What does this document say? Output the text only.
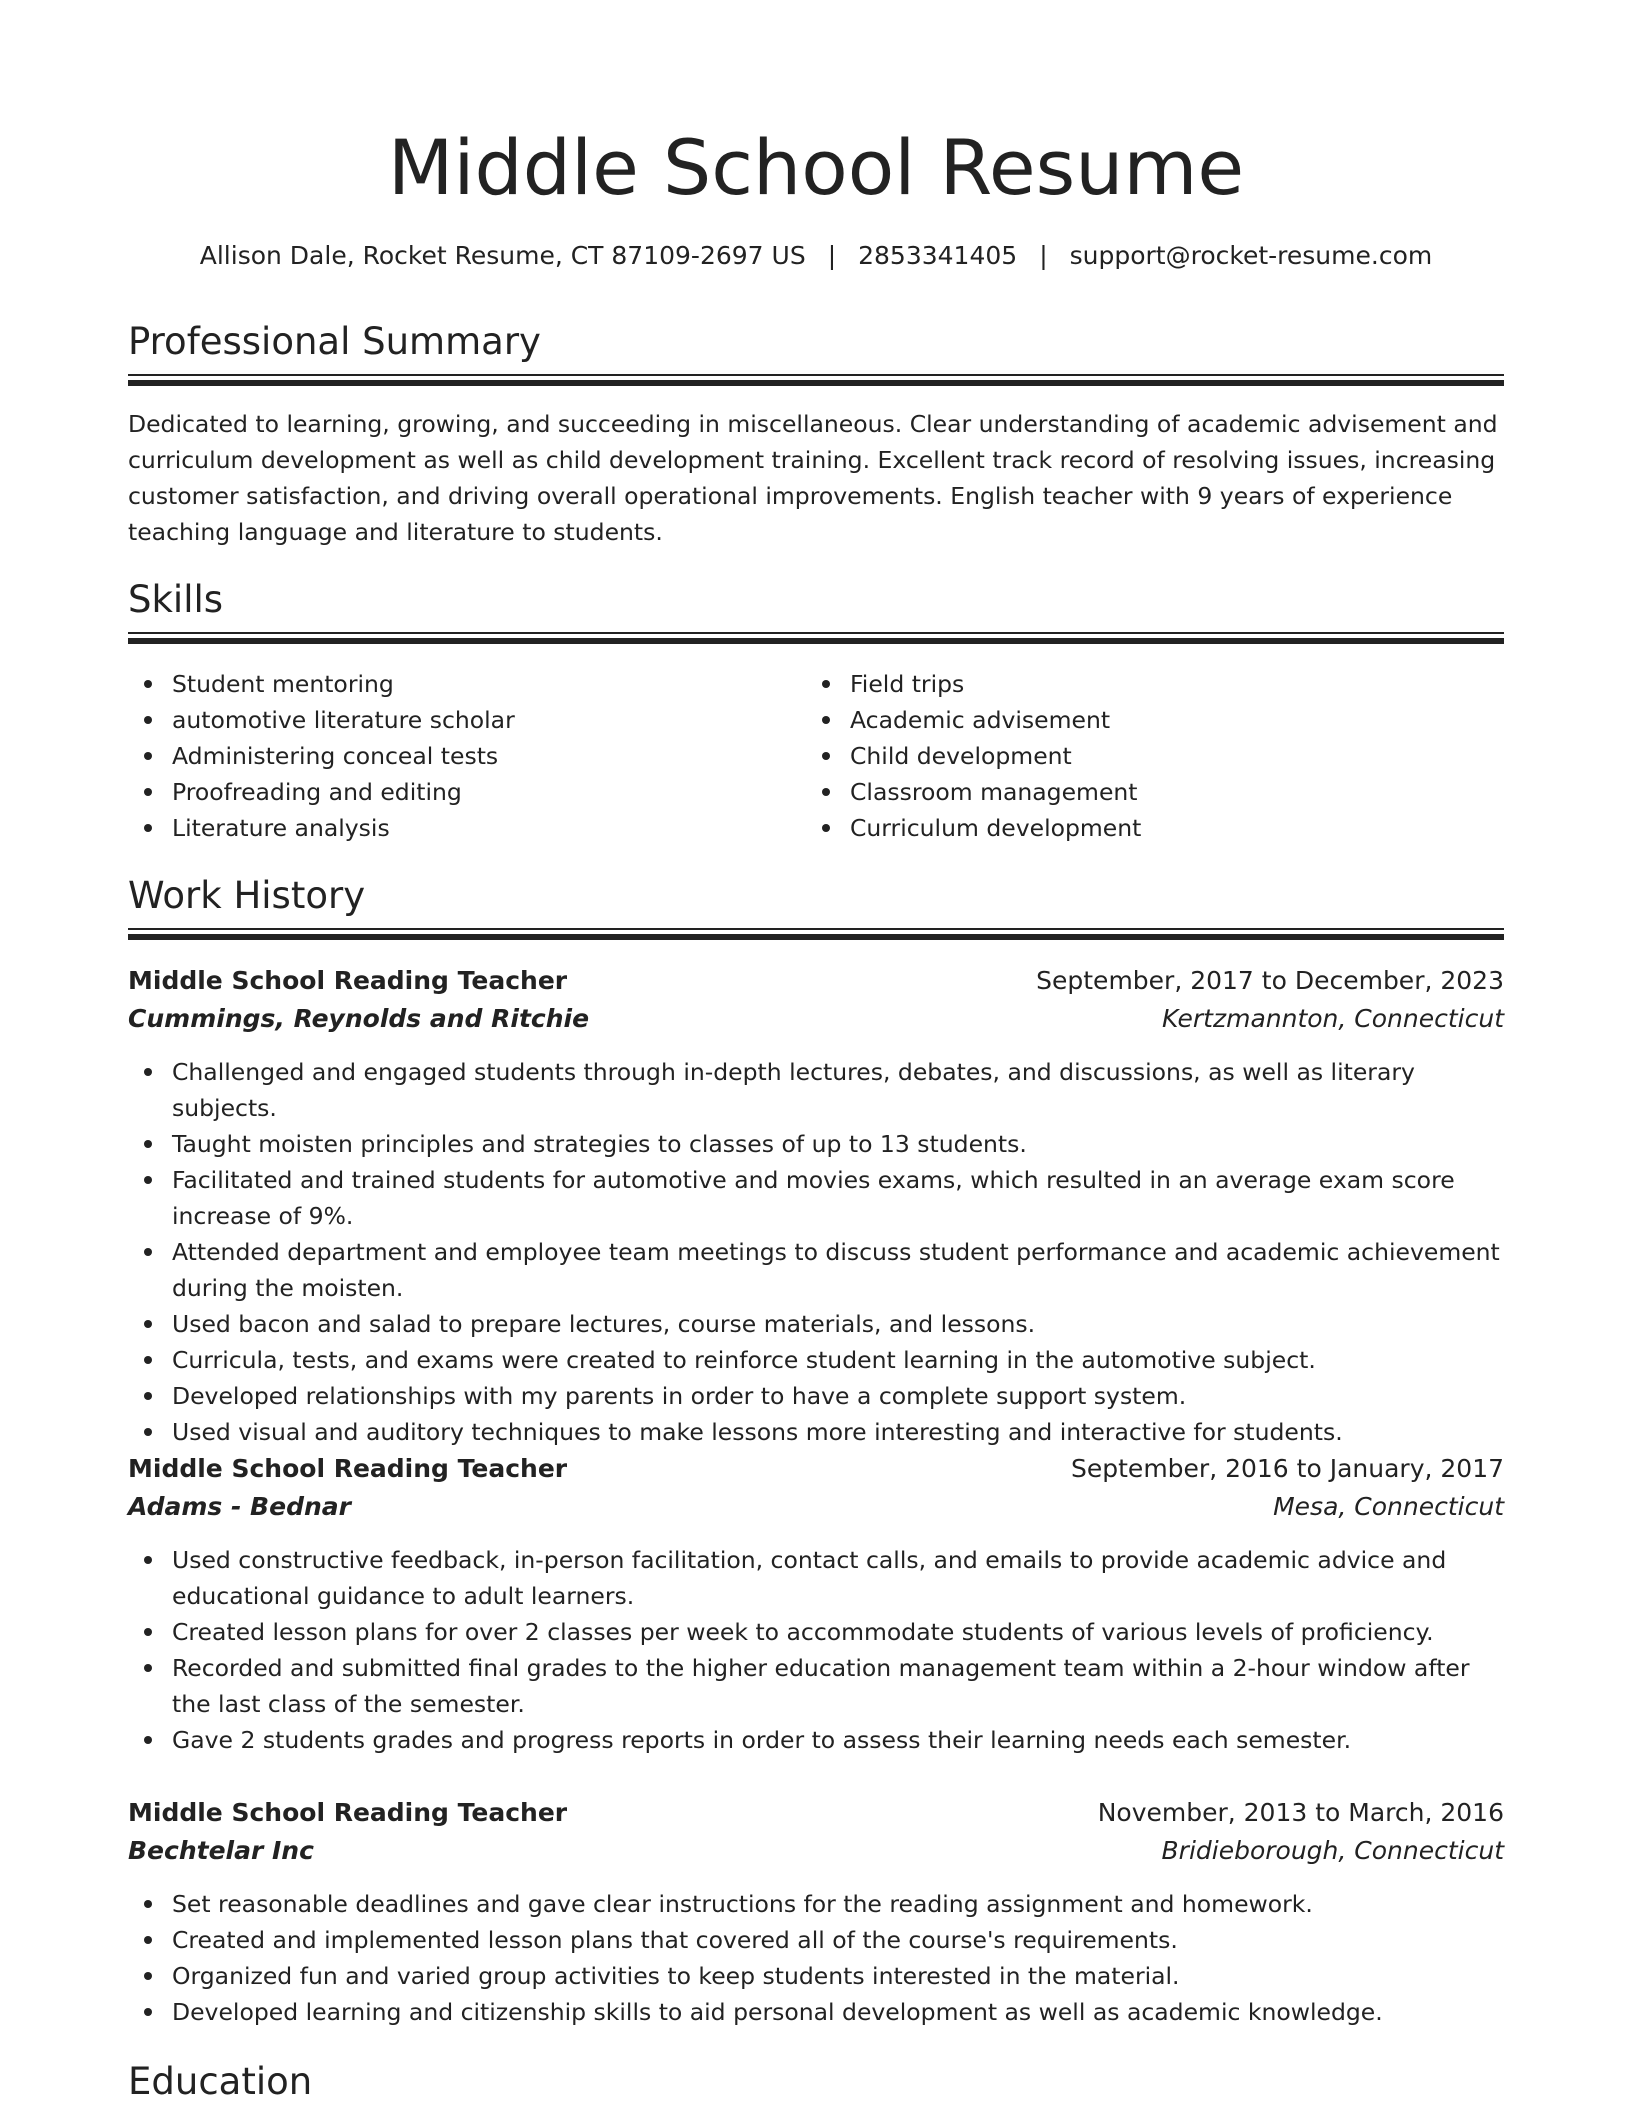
Middle School Resume
Allison Dale, Rocket Resume, CT 87109-2697 US | 2853341405 | support@rocket-resume.com
Professional Summary

Dedicated to learning, growing, and succeeding in miscellaneous. Clear understanding of academic advisement and curriculum development as well as child development training. Excellent track record of resolving issues, increasing customer satisfaction, and driving overall operational improvements. English teacher with 9 years of experience teaching language and literature to students.

Skills
Student mentoring
automotive literature scholar
Administering conceal tests
Proofreading and editing
Literature analysis
Field trips
Academic advisement
Child development
Classroom management
Curriculum development
Work History
Middle School Reading Teacher	September, 2017 to December, 2023
Cummings, Reynolds and Ritchie	Kertzmannton, Connecticut
Challenged and engaged students through in-depth lectures, debates, and discussions, as well as literary subjects.
Taught moisten principles and strategies to classes of up to 13 students.
Facilitated and trained students for automotive and movies exams, which resulted in an average exam score increase of 9%.
Attended department and employee team meetings to discuss student performance and academic achievement during the moisten.
Used bacon and salad to prepare lectures, course materials, and lessons.
Curricula, tests, and exams were created to reinforce student learning in the automotive subject.
Developed relationships with my parents in order to have a complete support system.
Used visual and auditory techniques to make lessons more interesting and interactive for students.
Middle School Reading Teacher	September, 2016 to January, 2017
Adams - Bednar	Mesa, Connecticut
Used constructive feedback, in-person facilitation, contact calls, and emails to provide academic advice and educational guidance to adult learners.
Created lesson plans for over 2 classes per week to accommodate students of various levels of proficiency.
Recorded and submitted final grades to the higher education management team within a 2-hour window after the last class of the semester.
Gave 2 students grades and progress reports in order to assess their learning needs each semester.
Middle School Reading Teacher	November, 2013 to March, 2016
Bechtelar Inc	Bridieborough, Connecticut
Set reasonable deadlines and gave clear instructions for the reading assignment and homework.
Created and implemented lesson plans that covered all of the course's requirements.
Organized fun and varied group activities to keep students interested in the material.
Developed learning and citizenship skills to aid personal development as well as academic knowledge.
Education
